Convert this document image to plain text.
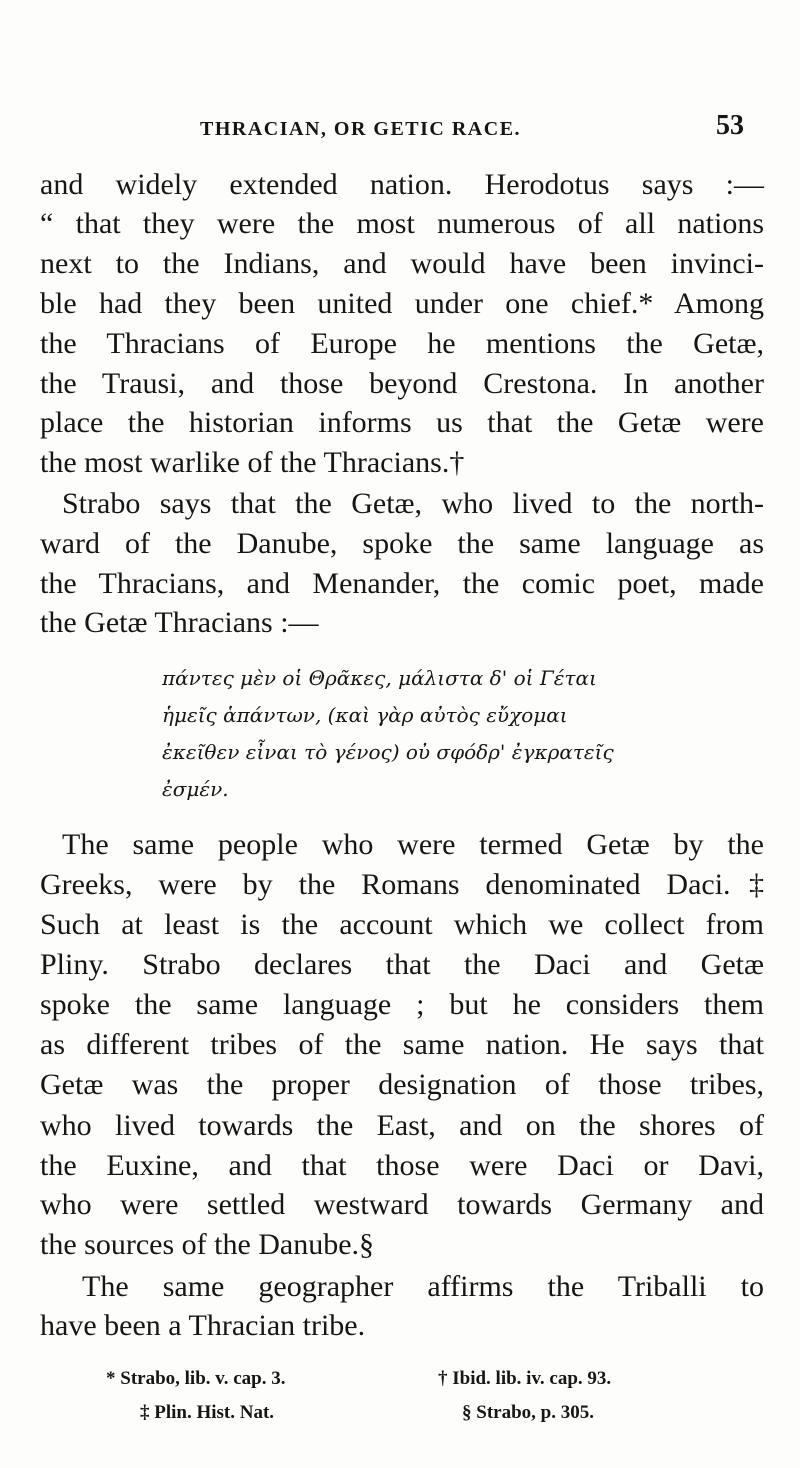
THRACIAN, OR GETIC RACE.	53
and widely extended nation. Herodotus says :—
“ that they were the most numerous of all nations
next to the Indians, and would have been invinci-
ble had they been united under one chief.* Among
the Thracians of Europe he mentions the Getæ,
the Trausi, and those beyond Crestona. In another
place the historian informs us that the Getæ were
the most warlike of the Thracians.†
Strabo says that the Getæ, who lived to the north-
ward of the Danube, spoke the same language as
the Thracians, and Menander, the comic poet, made
the Getæ Thracians :—
πάντες μὲν οἱ Θρᾶκες, μάλιστα δ' οἱ Γέται
ἡμεῖς ἁπάντων, (καὶ γὰρ αὐτὸς εὔχομαι
ἐκεῖθεν εἶναι τὸ γένος) οὐ σφόδρ' ἐγκρατεῖς
ἐσμέν.
The same people who were termed Getæ by the
Greeks, were by the Romans denominated Daci.‡
Such at least is the account which we collect from
Pliny. Strabo declares that the Daci and Getæ
spoke the same language ; but he considers them
as different tribes of the same nation. He says that
Getæ was the proper designation of those tribes,
who lived towards the East, and on the shores of
the Euxine, and that those were Daci or Davi,
who were settled westward towards Germany and
the sources of the Danube.§
The same geographer affirms the Triballi to
have been a Thracian tribe.
* Strabo, lib. v. cap. 3.	† Ibid. lib. iv. cap. 93.
‡ Plin. Hist. Nat.	§ Strabo, p. 305.
